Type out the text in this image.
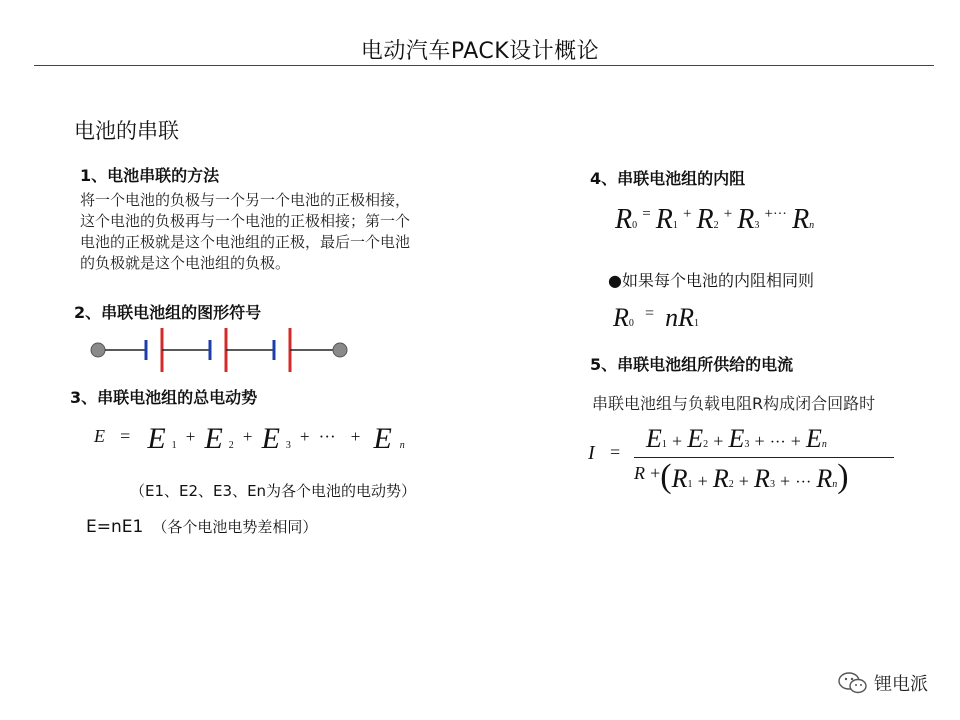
电动汽车PACK设计概论
电池的串联
1、电池串联的方法
将一个电池的负极与一个另一个电池的正极相接，
这个电池的负极再与一个电池的正极相接；第一个
电池的正极就是这个电池组的正极，最后一个电池
的负极就是这个电池组的负极。
2、串联电池组的图形符号
3、串联电池组的总电动势
E = E 1 + E 2 + E 3 + ··· + E n
（E1、E2、E3、En为各个电池的电动势）
E=nE1 （各个电池电势差相同）
4、串联电池组的内阻
R0 = R1 + R2 + R3 +··· Rn
●如果每个电池的内阻相同则
R0 = nR1
5、串联电池组所供给的电流
串联电池组与负载电阻R构成闭合回路时
I = E1 + E2 + E3 + ··· + En
R +(R1 + R2 + R3 + ··· Rn)
锂电派
